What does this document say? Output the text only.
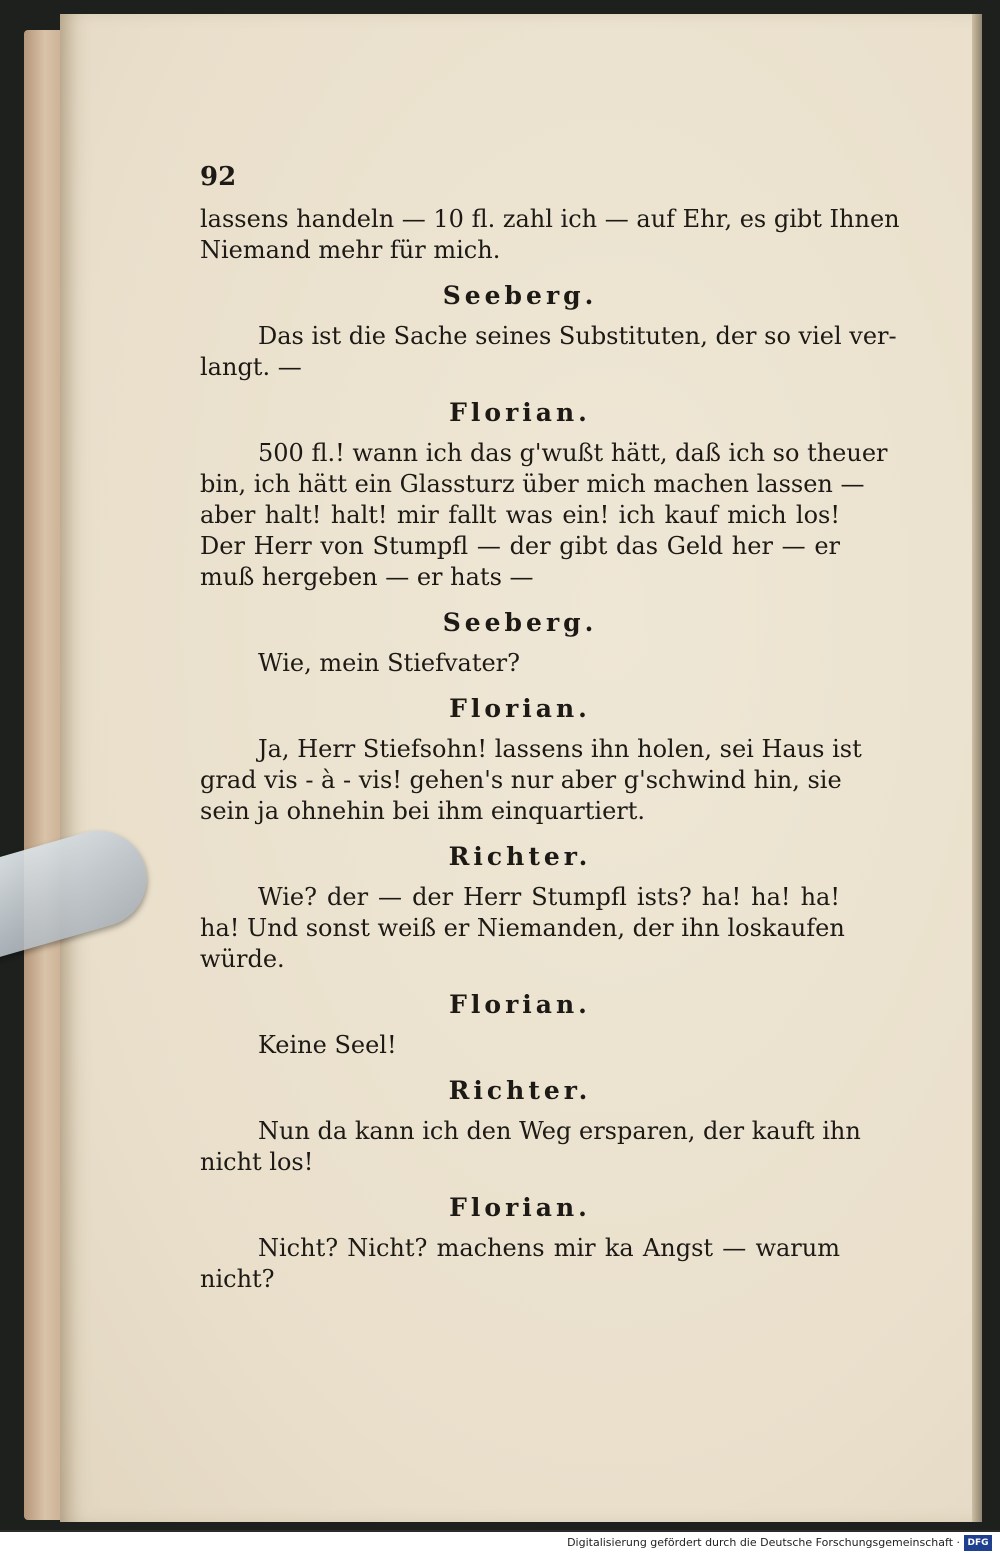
92
lassens handeln — 10 fl. zahl ich — auf Ehr, es gibt Ihnen
Niemand mehr für mich.
Seeberg.
Das ist die Sache seines Substituten, der so viel ver-
langt. —
Florian.
500 fl.! wann ich das g'wußt hätt, daß ich so theuer
bin, ich hätt ein Glassturz über mich machen lassen —
aber halt! halt! mir fallt was ein! ich kauf mich los!
Der Herr von Stumpfl — der gibt das Geld her — er
muß hergeben — er hats —
Seeberg.
Wie, mein Stiefvater?
Florian.
Ja, Herr Stiefsohn! lassens ihn holen, sei Haus ist
grad vis - à - vis! gehen's nur aber g'schwind hin, sie
sein ja ohnehin bei ihm einquartiert.
Richter.
Wie? der — der Herr Stumpfl ists? ha! ha! ha!
ha! Und sonst weiß er Niemanden, der ihn loskaufen
würde.
Florian.
Keine Seel!
Richter.
Nun da kann ich den Weg ersparen, der kauft ihn
nicht los!
Florian.
Nicht? Nicht? machens mir ka Angst — warum
nicht?
Digitalisierung gefördert durch die Deutsche Forschungsgemeinschaft · DFG
